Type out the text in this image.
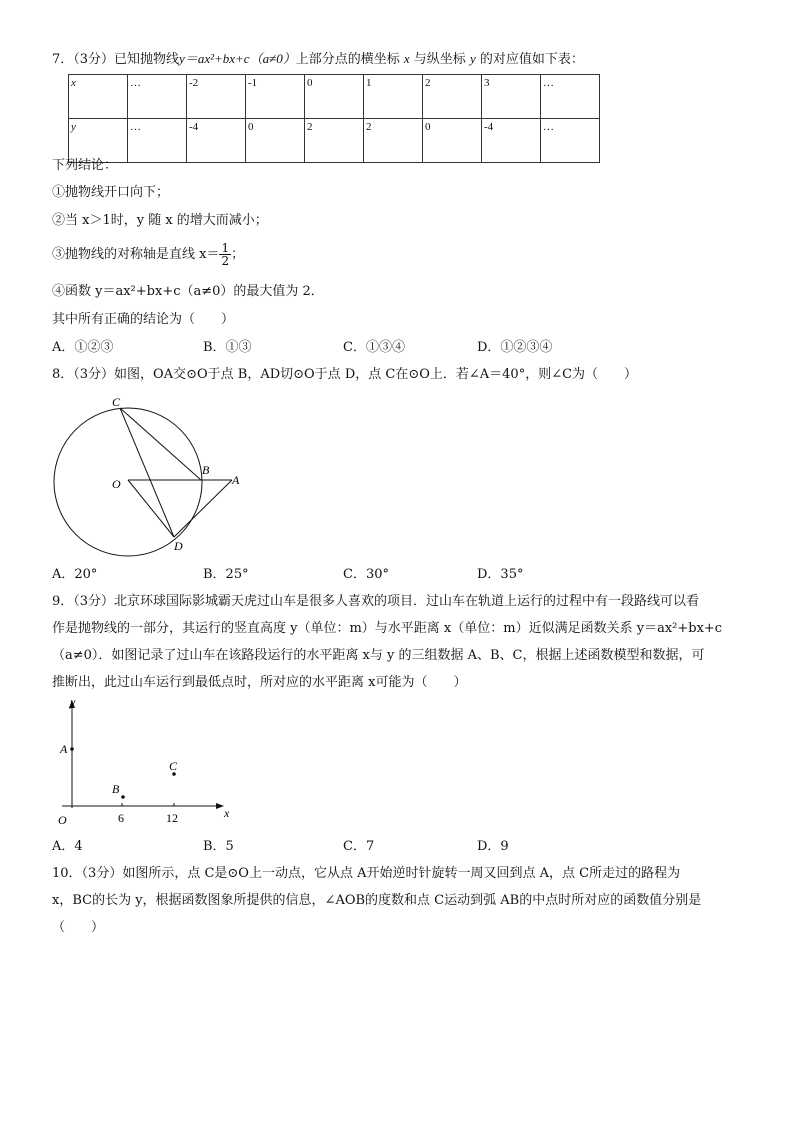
7．（3分）已知抛物线y＝ax²+bx+c（a≠0）上部分点的横坐标 x 与纵坐标 y 的对应值如下表：
x	…	-2	-1	0	1	2	3	…
y	…	-4	0	2	2	0	-4	…
下列结论：
①抛物线开口向下；
②当 x＞1时，y 随 x 的增大而减小；
③抛物线的对称轴是直线 $x= \frac{1}{2}$ ；
④函数 y＝ax²+bx+c（a≠0）的最大值为 2．
其中所有正确的结论为（　　）
A．①②③	B．①③	C．①③④	D．①②③④
8．（3分）如图，OA交⊙O于点 B，AD切⊙O于点 D，点 C在⊙O上．若∠A＝40°，则∠C为（　　）
C
O
B
A
D
A．20°	B．25°	C．30°	D．35°
9．（3分）北京环球国际影城霸天虎过山车是很多人喜欢的项目．过山车在轨道上运行的过程中有一段路线可以看
作是抛物线的一部分，其运行的竖直高度 y（单位：m）与水平距离 x（单位：m）近似满足函数关系 y＝ax²+bx+c
（a≠0）．如图记录了过山车在该路段运行的水平距离 x与 y 的三组数据 A、B、C，根据上述函数模型和数据，可
推断出，此过山车运行到最低点时，所对应的水平距离 x可能为（　　）
y
x
O	6	12
A
B
C
A．4	B．5	C．7	D．9
10．（3分）如图所示，点 C是⊙O上一动点，它从点 A开始逆时针旋转一周又回到点 A，点 C所走过的路程为
x，BC的长为 y，根据函数图象所提供的信息，∠AOB的度数和点 C运动到弧 AB的中点时所对应的函数值分别是
（　　）
